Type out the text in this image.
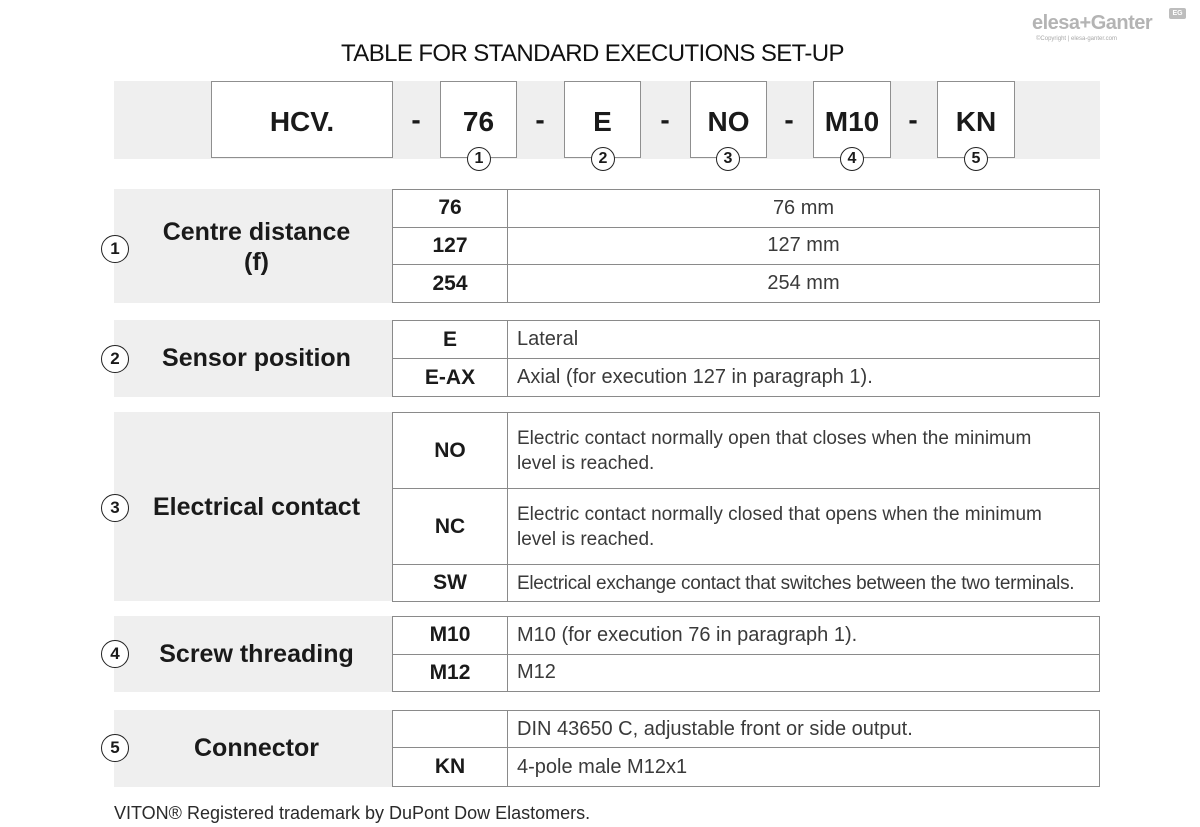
elesa+Ganter	EG
©Copyright | elesa-ganter.com
TABLE FOR STANDARD EXECUTIONS SET-UP
HCV.	-	76	-	E	-	NO	-	M10	-	KN
1	2	3	4	5
1
Centre distance
(f)
76	76 mm
127	127 mm
254	254 mm
2	Sensor position
E	Lateral
E-AX	Axial (for execution 127 in paragraph 1).
3	Electrical contact
NO	Electric contact normally open that closes when the minimum
level is reached.
NC	Electric contact normally closed that opens when the minimum
level is reached.
SW	Electrical exchange contact that switches between the two terminals.
4	Screw threading
M10	M10 (for execution 76 in paragraph 1).
M12	M12
5	Connector
	DIN 43650 C, adjustable front or side output.
KN	4-pole male M12x1
VITON® Registered trademark by DuPont Dow Elastomers.
